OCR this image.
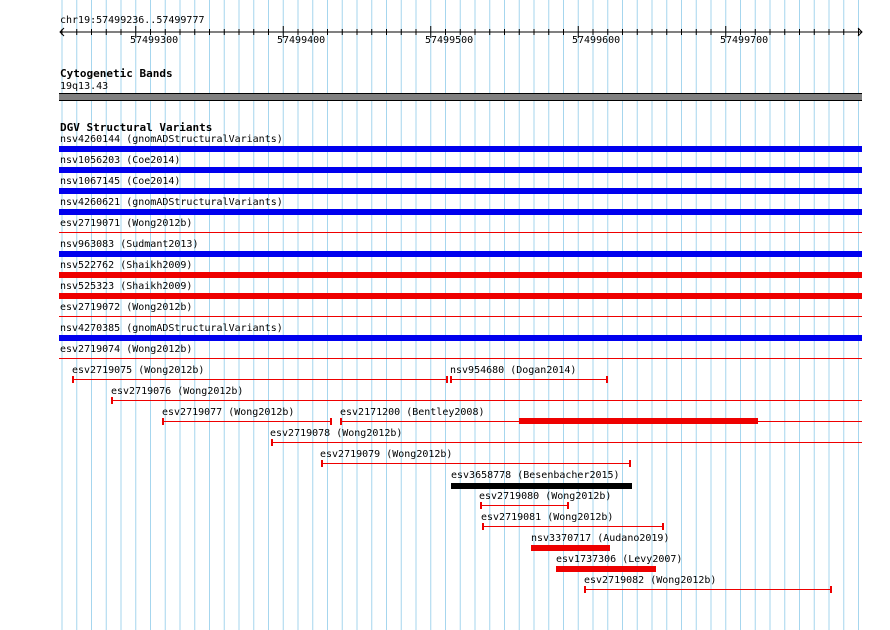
chr19:57499236..57499777
57499300	57499400	57499500	57499600	57499700
Cytogenetic Bands
19q13.43
DGV Structural Variants
nsv4260144 (gnomADStructuralVariants)
nsv1056203 (Coe2014)
nsv1067145 (Coe2014)
nsv4260621 (gnomADStructuralVariants)
esv2719071 (Wong2012b)
nsv963083 (Sudmant2013)
nsv522762 (Shaikh2009)
nsv525323 (Shaikh2009)
esv2719072 (Wong2012b)
nsv4270385 (gnomADStructuralVariants)
esv2719074 (Wong2012b)
esv2719075 (Wong2012b)	nsv954680 (Dogan2014)
esv2719076 (Wong2012b)
esv2719077 (Wong2012b)	esv2171200 (Bentley2008)
esv2719078 (Wong2012b)
esv2719079 (Wong2012b)
esv3658778 (Besenbacher2015)
esv2719080 (Wong2012b)
esv2719081 (Wong2012b)
nsv3370717 (Audano2019)
esv1737306 (Levy2007)
esv2719082 (Wong2012b)
